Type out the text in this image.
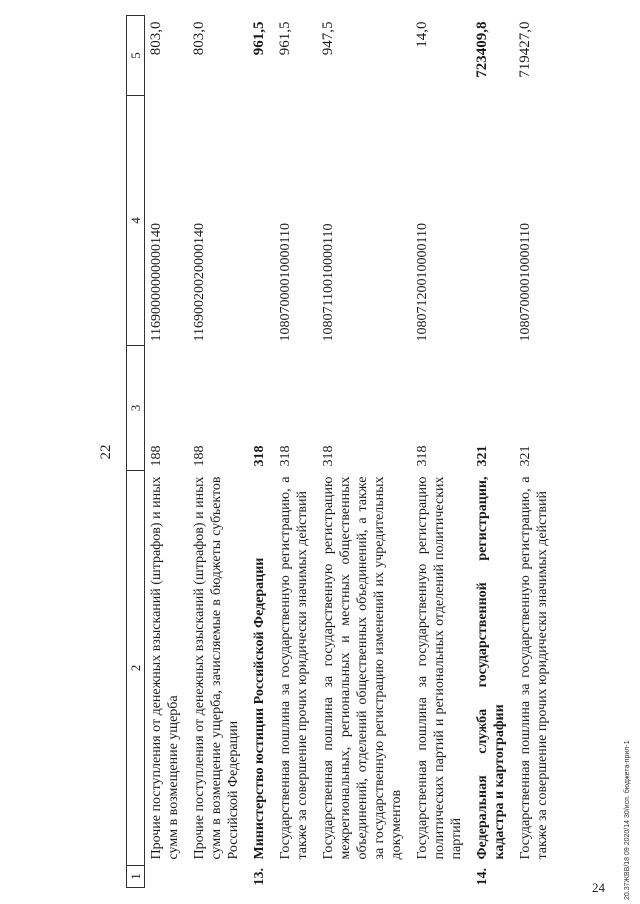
22
1	2	3	4	5
	Прочие поступления от денежных взысканий (штрафов) и иных сумм в возмещение ущерба	188	11690000000000140	803,0
	Прочие поступления от денежных взысканий (штрафов) и иных сумм в возмещение ущерба, зачисляемые в бюджеты субъектов Российской Федерации	188	11690020020000140	803,0
13.	Министерство юстиции Российской Федерации	318		961,5
	Государственная пошлина за государственную регистрацию, а также за совершение прочих юридически значимых действий	318	10807000010000110	961,5
	Государственная пошлина за государственную регистрацию межрегиональных, региональных и местных общественных объединений, отделений общественных объединений, а также за государственную регистрацию изменений их учредительных документов	318	10807110010000110	947,5
	Государственная пошлина за государственную регистрацию политических партий и региональных отделений политических партий	318	10807120010000110	14,0
14.	Федеральная служба государственной регистрации, кадастра и картографии	321		723409,8
	Государственная пошлина за государственную регистрацию, а также за совершение прочих юридически значимых действий	321	10807000010000110	719427,0
20.37ЖВВ/18 09 2020/14 30/исп. бюджета-прил-1
24
